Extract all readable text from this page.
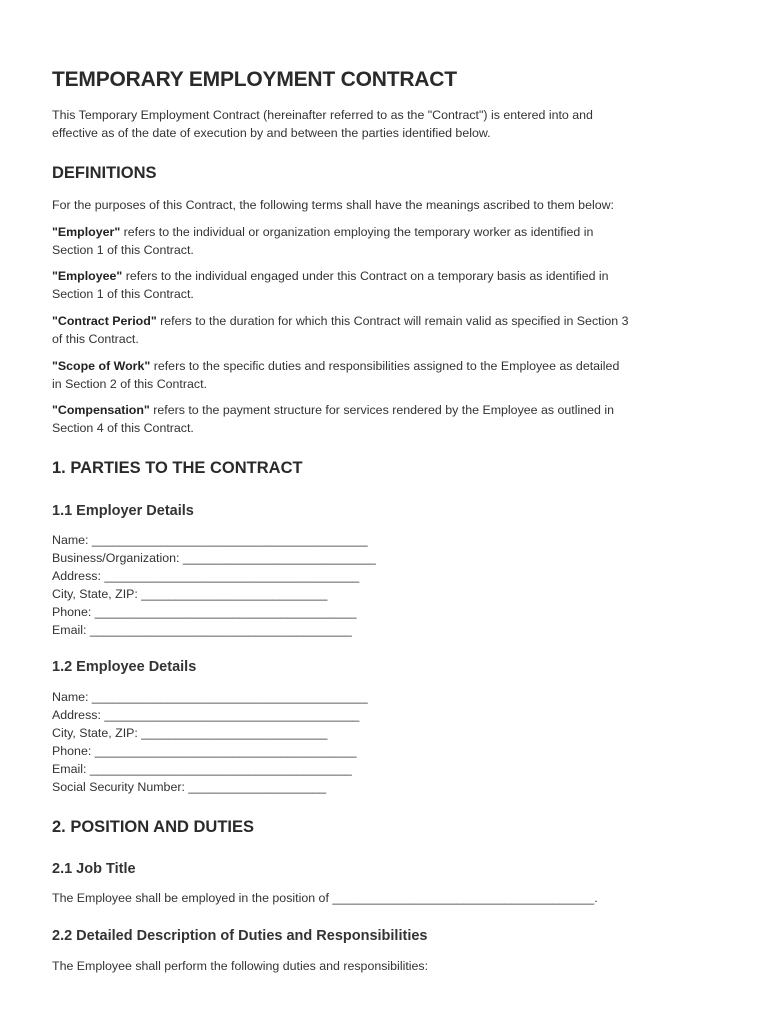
TEMPORARY EMPLOYMENT CONTRACT

This Temporary Employment Contract (hereinafter referred to as the "Contract") is entered into and
effective as of the date of execution by and between the parties identified below.

DEFINITIONS

For the purposes of this Contract, the following terms shall have the meanings ascribed to them below:

"Employer" refers to the individual or organization employing the temporary worker as identified in
Section 1 of this Contract.

"Employee" refers to the individual engaged under this Contract on a temporary basis as identified in
Section 1 of this Contract.

"Contract Period" refers to the duration for which this Contract will remain valid as specified in Section 3
of this Contract.

"Scope of Work" refers to the specific duties and responsibilities assigned to the Employee as detailed
in Section 2 of this Contract.

"Compensation" refers to the payment structure for services rendered by the Employee as outlined in
Section 4 of this Contract.

1. PARTIES TO THE CONTRACT
1.1 Employer Details

Name: ________________________________________

Business/Organization: ____________________________

Address: _____________________________________

City, State, ZIP: ___________________________

Phone: ______________________________________

Email: ______________________________________

1.2 Employee Details

Name: ________________________________________

Address: _____________________________________

City, State, ZIP: ___________________________

Phone: ______________________________________

Email: ______________________________________

Social Security Number: ____________________

2. POSITION AND DUTIES
2.1 Job Title

The Employee shall be employed in the position of ______________________________________.

2.2 Detailed Description of Duties and Responsibilities

The Employee shall perform the following duties and responsibilities:
